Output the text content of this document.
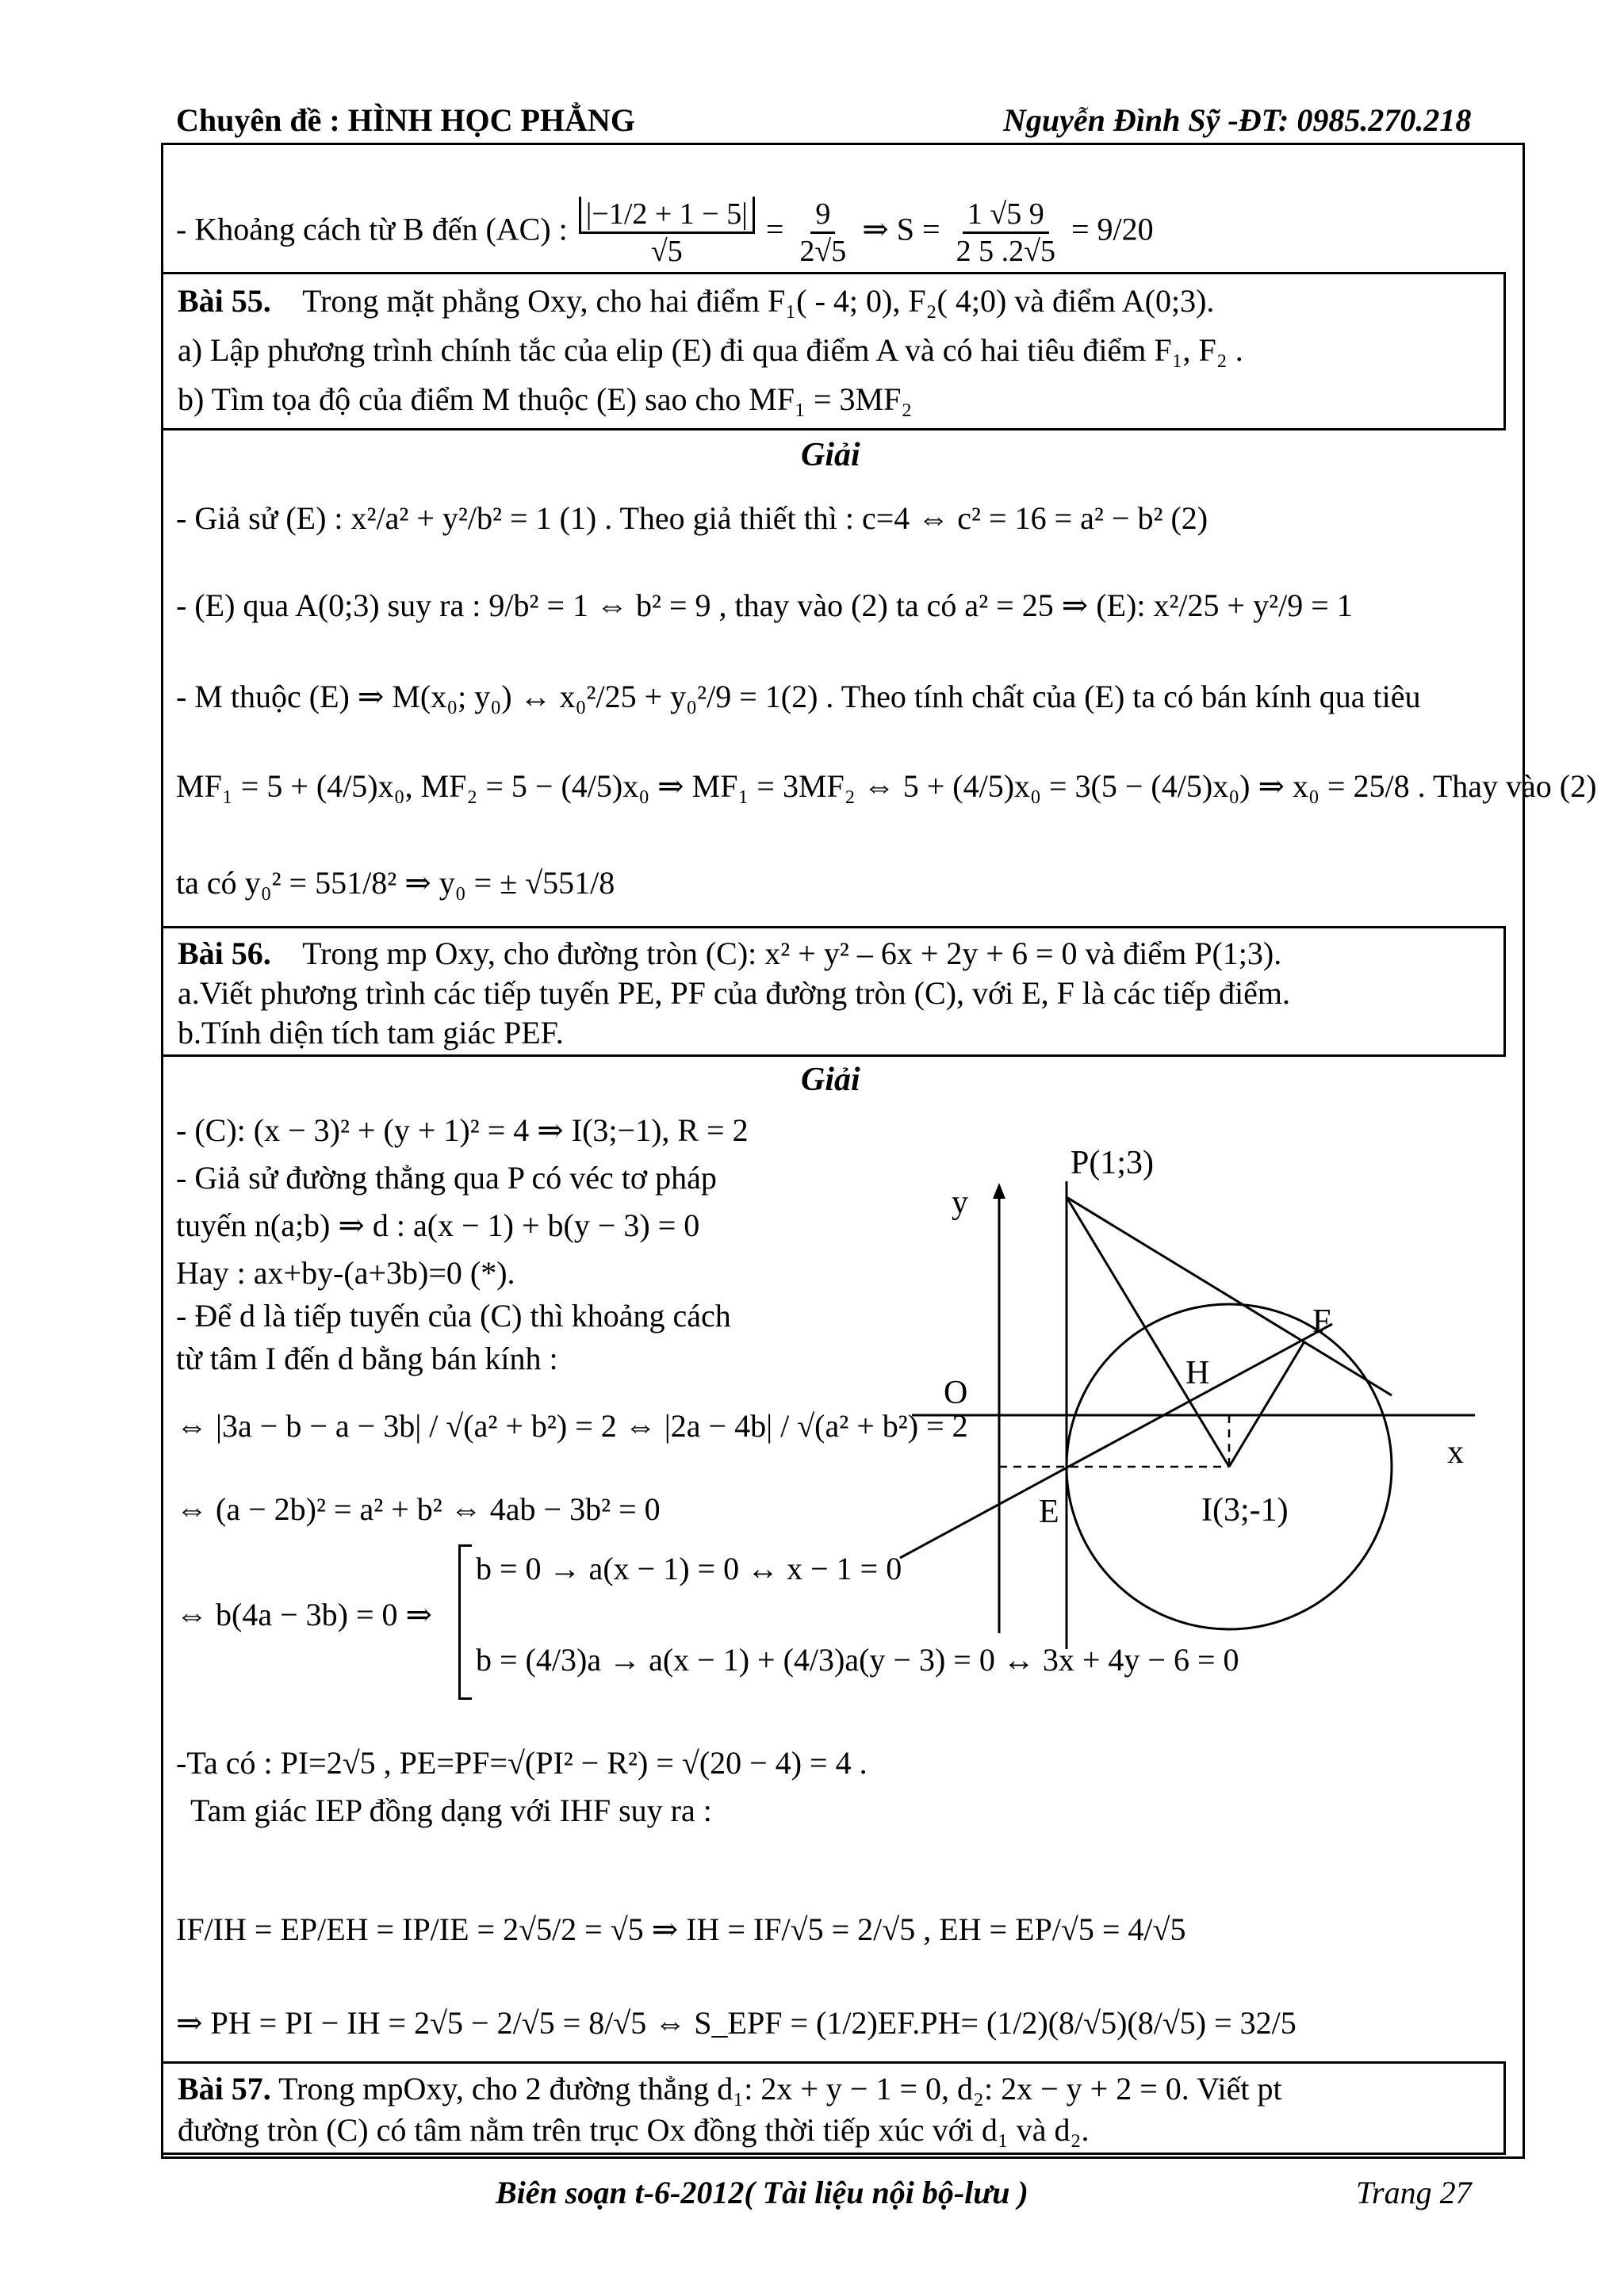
Chuyên đề : HÌNH HỌC PHẲNG	Nguyễn Đình Sỹ -ĐT: 0985.270.218
- Khoảng cách từ B đến (AC) : $\frac{|-1/2 + 1 - 5|}{√5} = \frac{9}{2√5}$ ⇒ $S = \frac{1 √5 9}{2 5 .2√5} = 9/20$
Bài 55. Trong mặt phẳng Oxy, cho hai điểm F₁( - 4; 0), F₂( 4;0) và điểm A(0;3).
a) Lập phương trình chính tắc của elip (E) đi qua điểm A và có hai tiêu điểm F₁, F₂ .
b) Tìm tọa độ của điểm M thuộc (E) sao cho MF₁ = 3MF₂
Giải
- Giả sử (E) : x²/a² + y²/b² = 1 (1) . Theo giả thiết thì : c=4 ⇔ c² = 16 = a² − b² (2)
- (E) qua A(0;3) suy ra : 9/b² = 1 ⇔ b² = 9 , thay vào (2) ta có a² = 25 ⇒ (E): x²/25 + y²/9 = 1
- M thuộc (E) ⇒ M(x₀; y₀) ↔ x₀²/25 + y₀²/9 = 1(2) . Theo tính chất của (E) ta có bán kính qua tiêu
MF₁ = 5 + (4/5)x₀, MF₂ = 5 − (4/5)x₀ ⇒ MF₁ = 3MF₂ ⇔ 5 + (4/5)x₀ = 3(5 − (4/5)x₀) ⇒ x₀ = 25/8 . Thay vào (2)
ta có y₀² = 551/8² ⇒ y₀ = ± √551/8
Bài 56. Trong mp Oxy, cho đường tròn (C): x² + y² – 6x + 2y + 6 = 0 và điểm P(1;3).
a.Viết phương trình các tiếp tuyến PE, PF của đường tròn (C), với E, F là các tiếp điểm.
b.Tính diện tích tam giác PEF.
Giải
- (C): (x − 3)² + (y + 1)² = 4 ⇒ I(3;−1), R = 2
- Giả sử đường thẳng qua P có véc tơ pháp
tuyến n(a;b) ⇒ d : a(x − 1) + b(y − 3) = 0
Hay : ax+by-(a+3b)=0 (*).
- Để d là tiếp tuyến của (C) thì khoảng cách
từ tâm I đến d bằng bán kính :
⇔ |3a − b − a − 3b| / √(a² + b²) = 2 ⇔ |2a − 4b| / √(a² + b²) = 2
⇔ (a − 2b)² = a² + b² ⇔ 4ab − 3b² = 0
⇔ b(4a − 3b) = 0 ⇒
b = 0 → a(x − 1) = 0 ↔ x − 1 = 0
b = (4/3)a → a(x − 1) + (4/3)a(y − 3) = 0 ↔ 3x + 4y − 6 = 0
-Ta có : PI=2√5 , PE=PF=√(PI² − R²) = √(20 − 4) = 4 .
Tam giác IEP đồng dạng với IHF suy ra :
IF/IH = EP/EH = IP/IE = 2√5/2 = √5 ⇒ IH = IF/√5 = 2/√5 , EH = EP/√5 = 4/√5
⇒ PH = PI − IH = 2√5 − 2/√5 = 8/√5 ⇔ S_EPF = (1/2)EF.PH= (1/2)(8/√5)(8/√5) = 32/5
Bài 57. Trong mpOxy, cho 2 đường thẳng d₁: 2x + y − 1 = 0, d₂: 2x − y + 2 = 0. Viết pt
đường tròn (C) có tâm nằm trên trục Ox đồng thời tiếp xúc với d₁ và d₂.
P(1;3)
y
O
x
F
H
E	I(3;-1)
Biên soạn t-6-2012( Tài liệu nội bộ-lưu )	Trang 27
